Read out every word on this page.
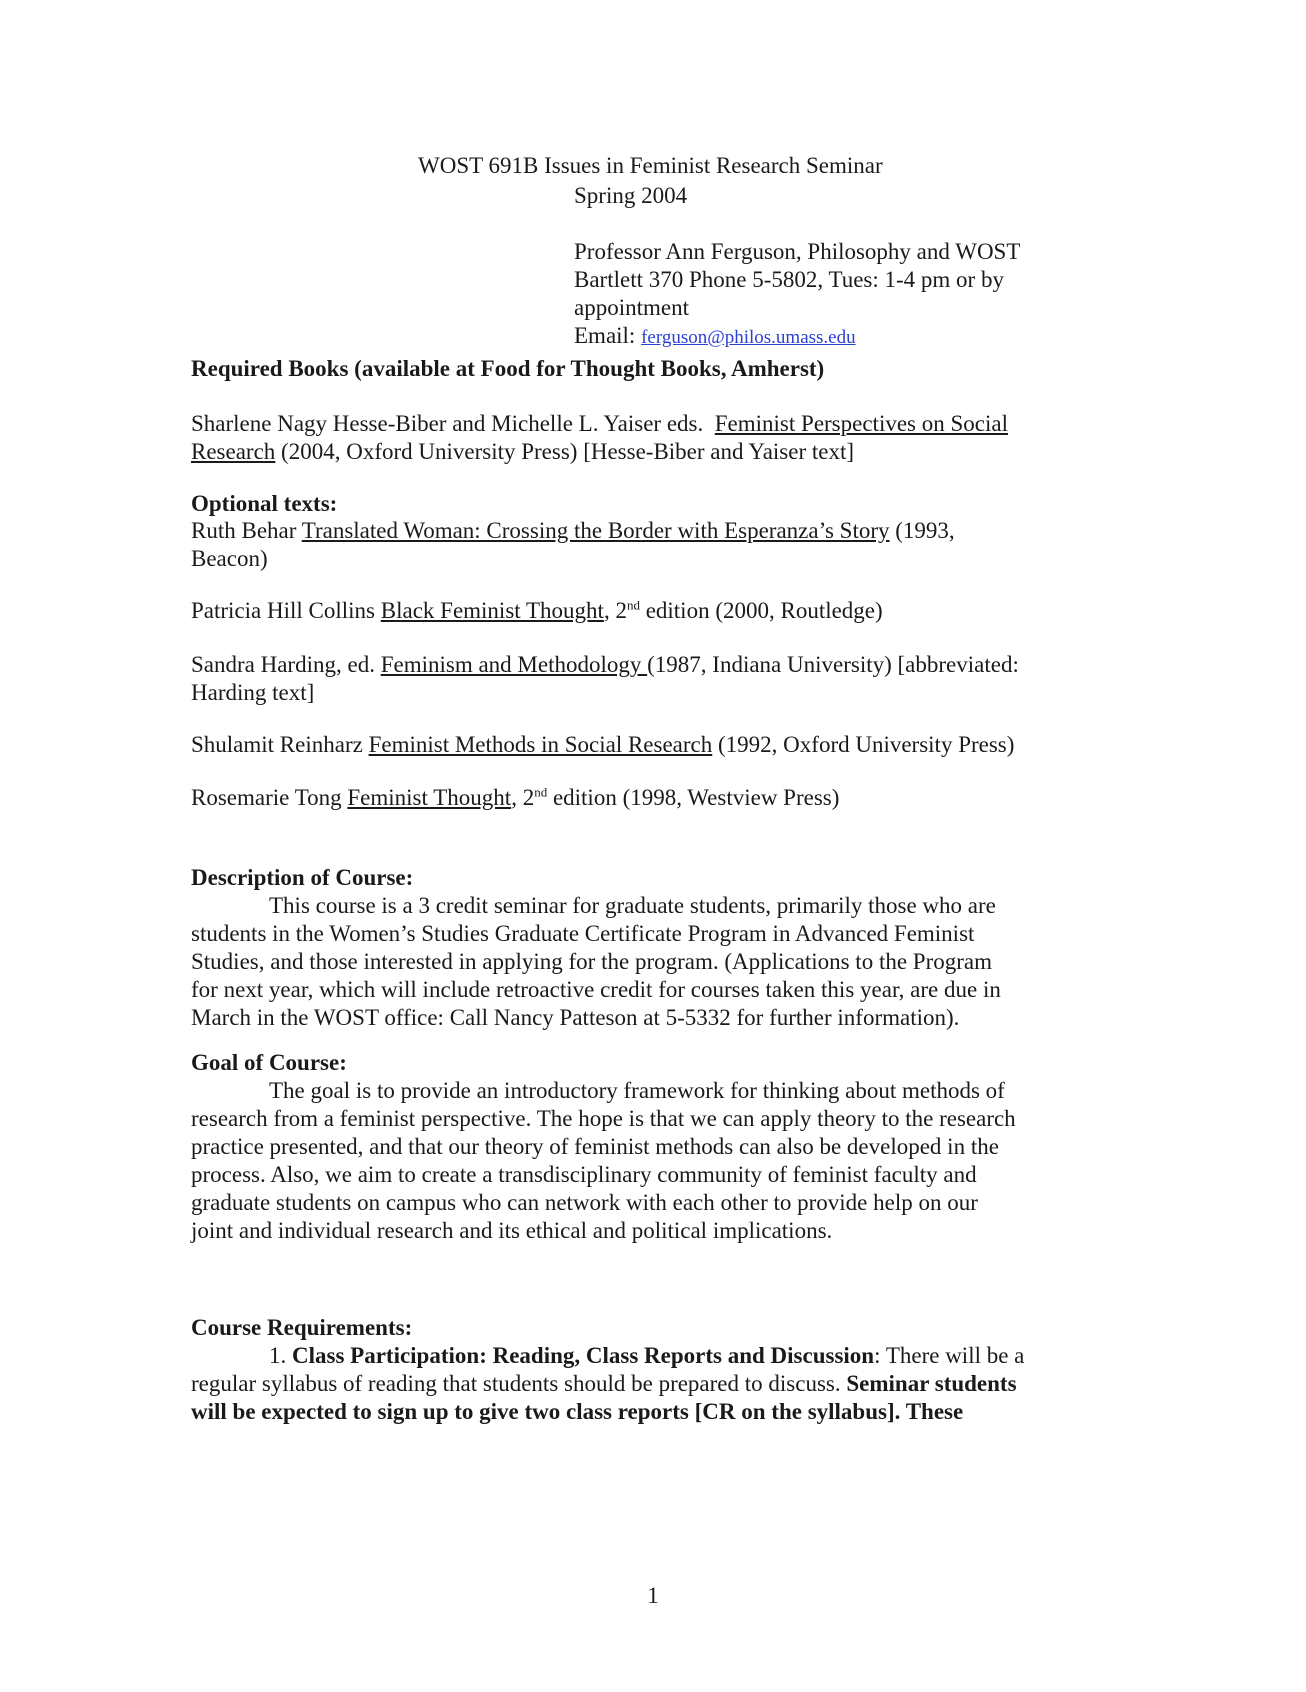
WOST 691B Issues in Feminist Research Seminar
Spring 2004
Professor Ann Ferguson, Philosophy and WOST
Bartlett 370 Phone 5-5802, Tues: 1-4 pm or by
appointment
Email: ferguson@philos.umass.edu
Required Books (available at Food for Thought Books, Amherst)

Sharlene Nagy Hesse-Biber and Michelle L. Yaiser eds. Feminist Perspectives on Social

Research (2004, Oxford University Press) [Hesse-Biber and Yaiser text]

Optional texts:

Ruth Behar Translated Woman: Crossing the Border with Esperanza’s Story (1993,

Beacon)

Patricia Hill Collins Black Feminist Thought, 2nd edition (2000, Routledge)

Sandra Harding, ed. Feminism and Methodology (1987, Indiana University) [abbreviated:

Harding text]

Shulamit Reinharz Feminist Methods in Social Research (1992, Oxford University Press)

Rosemarie Tong Feminist Thought, 2nd edition (1998, Westview Press)

Description of Course:

This course is a 3 credit seminar for graduate students, primarily those who are

students in the Women’s Studies Graduate Certificate Program in Advanced Feminist

Studies, and those interested in applying for the program. (Applications to the Program

for next year, which will include retroactive credit for courses taken this year, are due in

March in the WOST office: Call Nancy Patteson at 5-5332 for further information).

Goal of Course:

The goal is to provide an introductory framework for thinking about methods of

research from a feminist perspective. The hope is that we can apply theory to the research

practice presented, and that our theory of feminist methods can also be developed in the

process. Also, we aim to create a transdisciplinary community of feminist faculty and

graduate students on campus who can network with each other to provide help on our

joint and individual research and its ethical and political implications.

Course Requirements:

1. Class Participation: Reading, Class Reports and Discussion: There will be a

regular syllabus of reading that students should be prepared to discuss. Seminar students

will be expected to sign up to give two class reports [CR on the syllabus]. These

1
